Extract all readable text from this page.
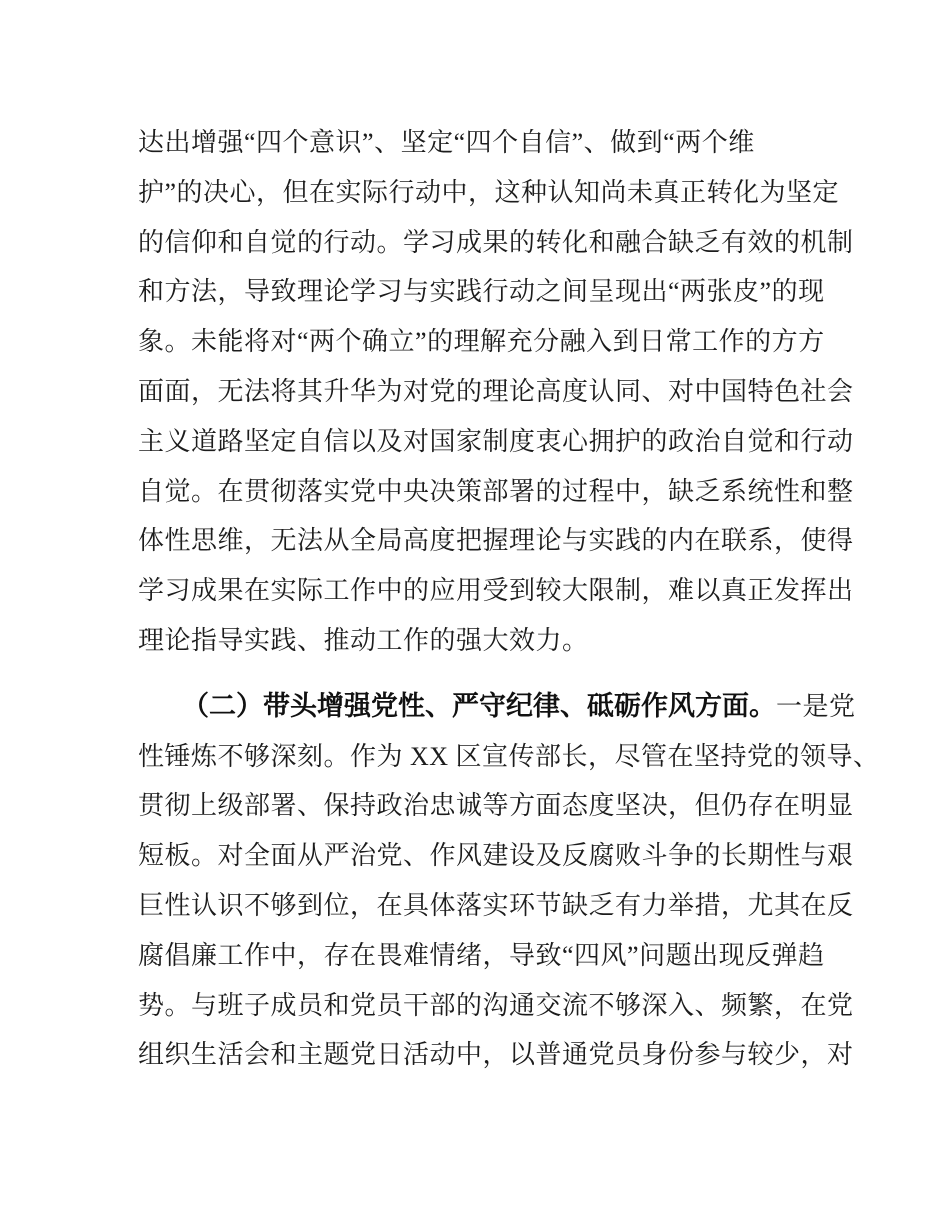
达出增强“四个意识”、坚定“四个自信”、做到“两个维
护”的决心，但在实际行动中，这种认知尚未真正转化为坚定
的信仰和自觉的行动。学习成果的转化和融合缺乏有效的机制
和方法，导致理论学习与实践行动之间呈现出“两张皮”的现
象。未能将对“两个确立”的理解充分融入到日常工作的方方
面面，无法将其升华为对党的理论高度认同、对中国特色社会
主义道路坚定自信以及对国家制度衷心拥护的政治自觉和行动
自觉。在贯彻落实党中央决策部署的过程中，缺乏系统性和整
体性思维，无法从全局高度把握理论与实践的内在联系，使得
学习成果在实际工作中的应用受到较大限制，难以真正发挥出
理论指导实践、推动工作的强大效力。
（二）带头增强党性、严守纪律、砥砺作风方面。一是党
性锤炼不够深刻。作为 XX 区宣传部长，尽管在坚持党的领导、
贯彻上级部署、保持政治忠诚等方面态度坚决，但仍存在明显
短板。对全面从严治党、作风建设及反腐败斗争的长期性与艰
巨性认识不够到位，在具体落实环节缺乏有力举措，尤其在反
腐倡廉工作中，存在畏难情绪，导致“四风”问题出现反弹趋
势。与班子成员和党员干部的沟通交流不够深入、频繁，在党
组织生活会和主题党日活动中，以普通党员身份参与较少，对
